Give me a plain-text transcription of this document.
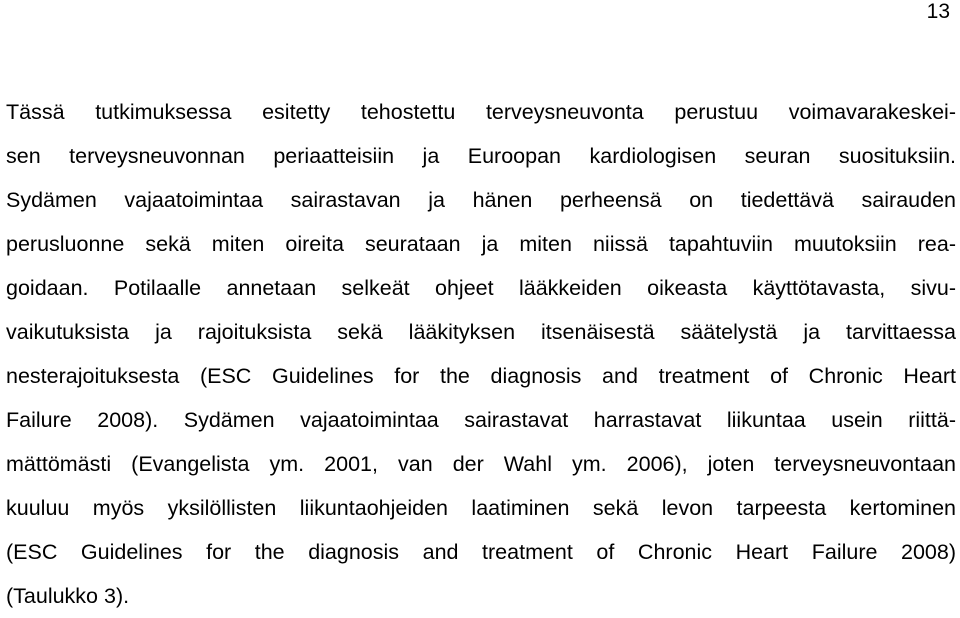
13
Tässä tutkimuksessa esitetty tehostettu terveysneuvonta perustuu voimavarakeskei-
sen terveysneuvonnan periaatteisiin ja Euroopan kardiologisen seuran suosituksiin.
Sydämen vajaatoimintaa sairastavan ja hänen perheensä on tiedettävä sairauden
perusluonne sekä miten oireita seurataan ja miten niissä tapahtuviin muutoksiin rea-
goidaan. Potilaalle annetaan selkeät ohjeet lääkkeiden oikeasta käyttötavasta, sivu-
vaikutuksista ja rajoituksista sekä lääkityksen itsenäisestä säätelystä ja tarvittaessa
nesterajoituksesta (ESC Guidelines for the diagnosis and treatment of Chronic Heart
Failure 2008). Sydämen vajaatoimintaa sairastavat harrastavat liikuntaa usein riittä-
mättömästi (Evangelista ym. 2001, van der Wahl ym. 2006), joten terveysneuvontaan
kuuluu myös yksilöllisten liikuntaohjeiden laatiminen sekä levon tarpeesta kertominen
(ESC Guidelines for the diagnosis and treatment of Chronic Heart Failure 2008)
(Taulukko 3).
